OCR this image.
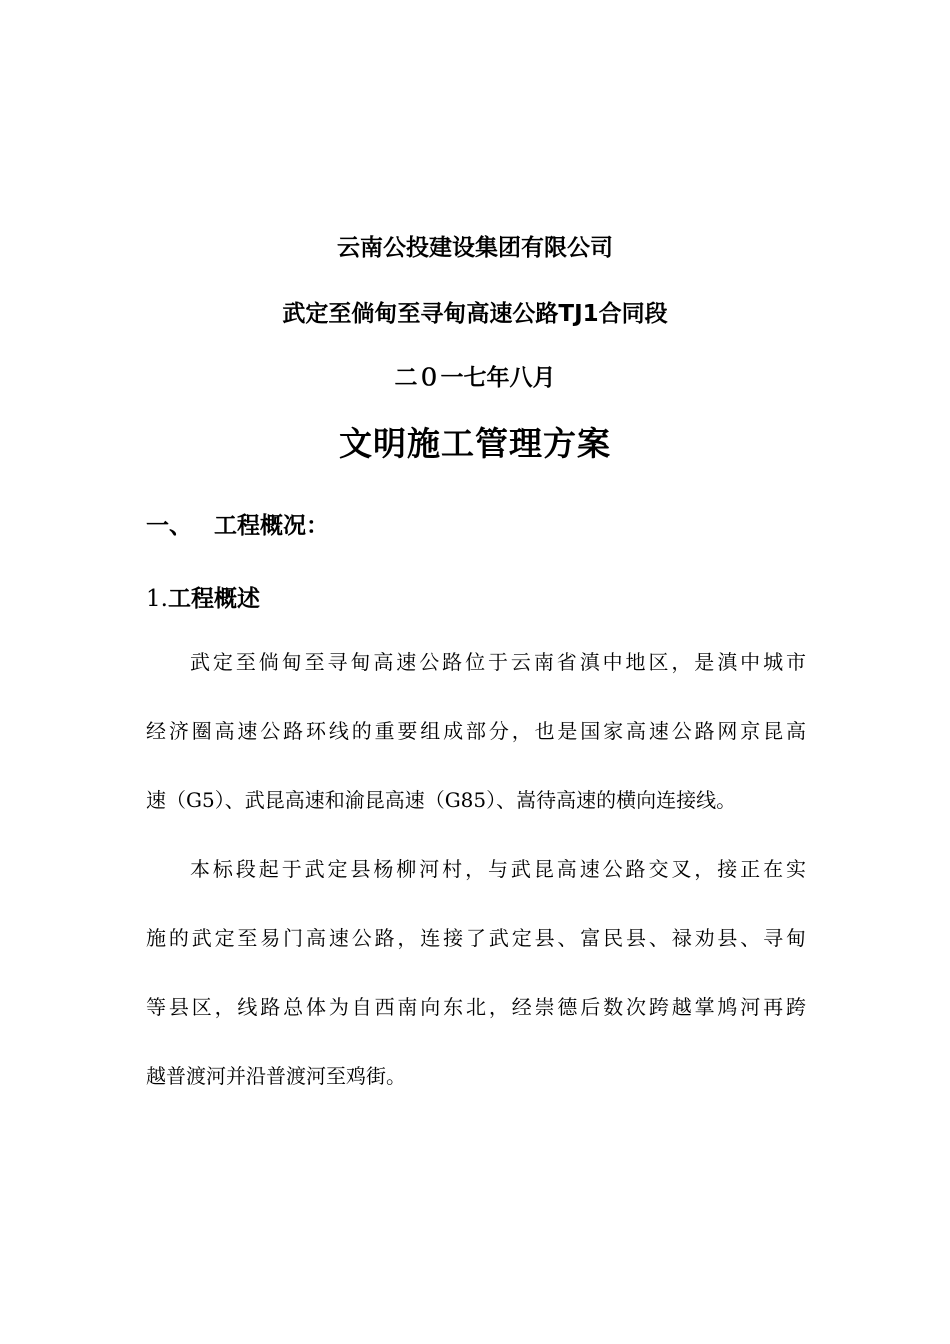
云南公投建设集团有限公司
武定至倘甸至寻甸高速公路TJ1合同段
二０一七年八月
文明施工管理方案
一、 工程概况：
1.工程概述
武定至倘甸至寻甸高速公路位于云南省滇中地区，是滇中城市
经济圈高速公路环线的重要组成部分，也是国家高速公路网京昆高
速（G5）、武昆高速和渝昆高速（G85）、嵩待高速的横向连接线。
本标段起于武定县杨柳河村，与武昆高速公路交叉，接正在实
施的武定至易门高速公路，连接了武定县、富民县、禄劝县、寻甸
等县区，线路总体为自西南向东北，经崇德后数次跨越掌鸠河再跨
越普渡河并沿普渡河至鸡街。
